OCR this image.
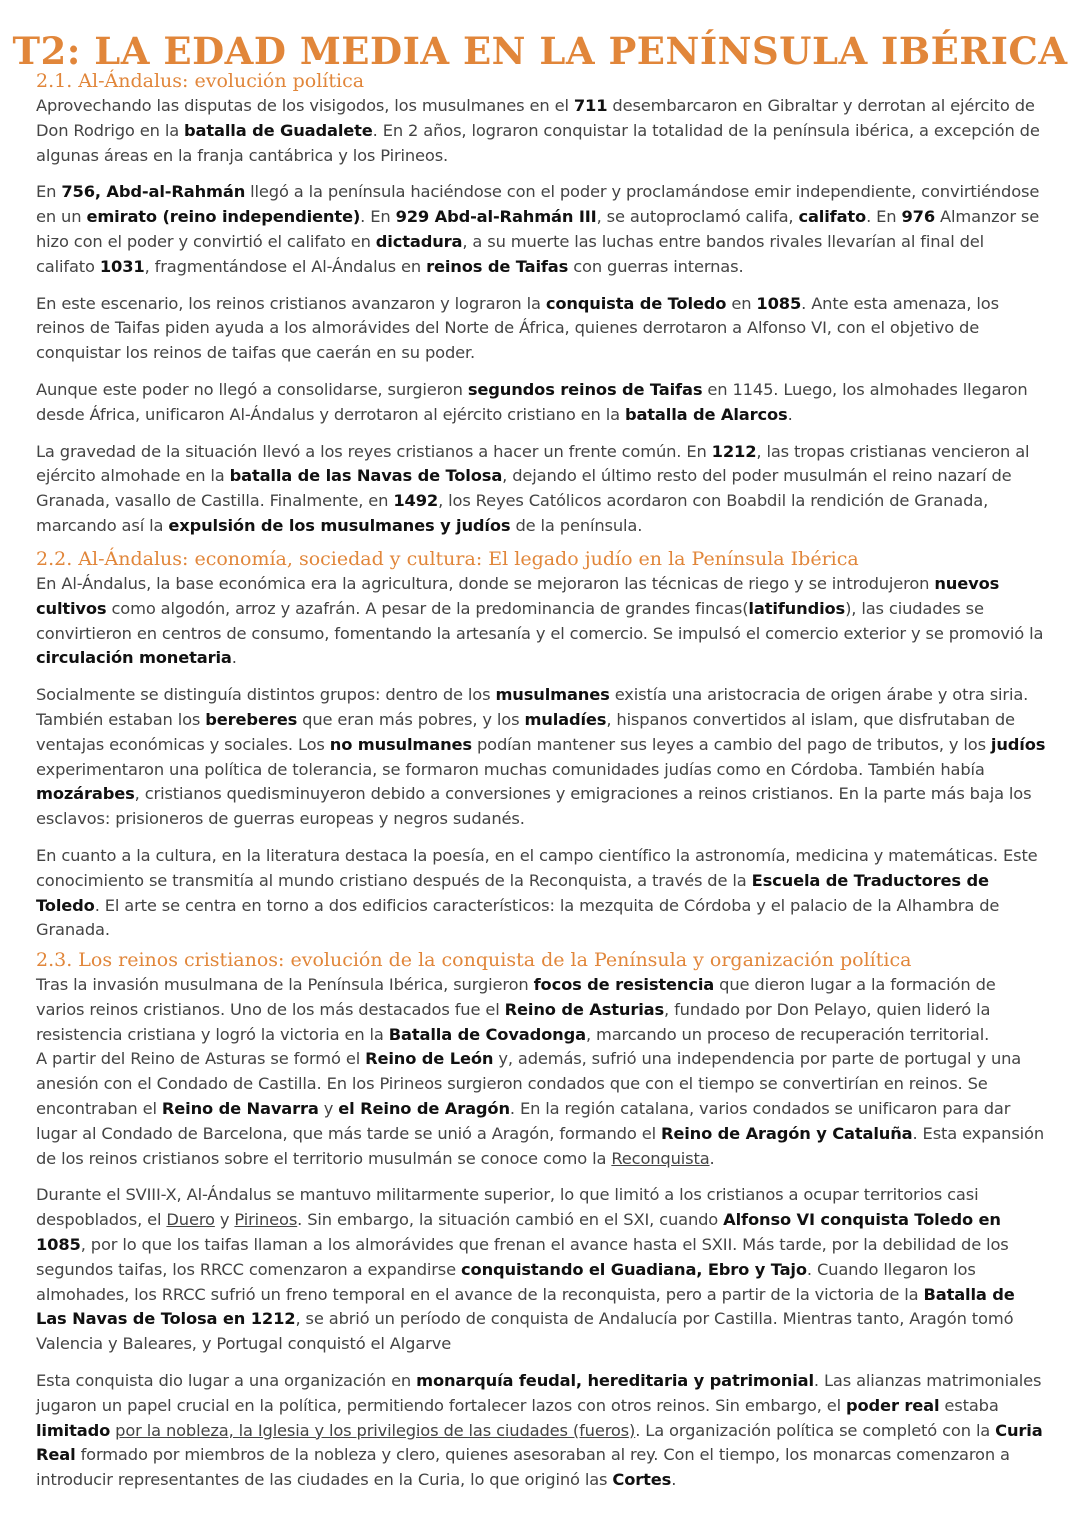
T2: LA EDAD MEDIA EN LA PENÍNSULA IBÉRICA
2.1. Al-Ándalus: evolución política

Aprovechando las disputas de los visigodos, los musulmanes en el 711 desembarcaron en Gibraltar y derrotan al ejército de Don Rodrigo en la batalla de Guadalete. En 2 años, lograron conquistar la totalidad de la península ibérica, a excepción de algunas áreas en la franja cantábrica y los Pirineos.

En 756, Abd-al-Rahmán llegó a la península haciéndose con el poder y proclamándose emir independiente, convirtiéndose en un emirato (reino independiente). En 929 Abd-al-Rahmán III, se autoproclamó califa, califato. En 976 Almanzor se hizo con el poder y convirtió el califato en dictadura, a su muerte las luchas entre bandos rivales llevarían al final del califato 1031, fragmentándose el Al-Ándalus en reinos de Taifas con guerras internas.

En este escenario, los reinos cristianos avanzaron y lograron la conquista de Toledo en 1085. Ante esta amenaza, los reinos de Taifas piden ayuda a los almorávides del Norte de África, quienes derrotaron a Alfonso VI, con el objetivo de conquistar los reinos de taifas que caerán en su poder.

Aunque este poder no llegó a consolidarse, surgieron segundos reinos de Taifas en 1145. Luego, los almohades llegaron desde África, unificaron Al-Ándalus y derrotaron al ejército cristiano en la batalla de Alarcos.

La gravedad de la situación llevó a los reyes cristianos a hacer un frente común. En 1212, las tropas cristianas vencieron al ejército almohade en la batalla de las Navas de Tolosa, dejando el último resto del poder musulmán el reino nazarí de Granada, vasallo de Castilla. Finalmente, en 1492, los Reyes Católicos acordaron con Boabdil la rendición de Granada, marcando así la expulsión de los musulmanes y judíos de la península.

2.2. Al-Ándalus: economía, sociedad y cultura: El legado judío en la Península Ibérica

En Al-Ándalus, la base económica era la agricultura, donde se mejoraron las técnicas de riego y se introdujeron nuevos cultivos como algodón, arroz y azafrán. A pesar de la predominancia de grandes fincas(latifundios), las ciudades se convirtieron en centros de consumo, fomentando la artesanía y el comercio. Se impulsó el comercio exterior y se promovió la circulación monetaria.

Socialmente se distinguía distintos grupos: dentro de los musulmanes existía una aristocracia de origen árabe y otra siria. También estaban los bereberes que eran más pobres, y los muladíes, hispanos convertidos al islam, que disfrutaban de ventajas económicas y sociales. Los no musulmanes podían mantener sus leyes a cambio del pago de tributos, y los judíos experimentaron una política de tolerancia, se formaron muchas comunidades judías como en Córdoba. También había mozárabes, cristianos quedisminuyeron debido a conversiones y emigraciones a reinos cristianos. En la parte más baja los esclavos: prisioneros de guerras europeas y negros sudanés.

En cuanto a la cultura, en la literatura destaca la poesía, en el campo científico la astronomía, medicina y matemáticas. Este conocimiento se transmitía al mundo cristiano después de la Reconquista, a través de la Escuela de Traductores de Toledo. El arte se centra en torno a dos edificios característicos: la mezquita de Córdoba y el palacio de la Alhambra de Granada.

2.3. Los reinos cristianos: evolución de la conquista de la Península y organización política

Tras la invasión musulmana de la Península Ibérica, surgieron focos de resistencia que dieron lugar a la formación de varios reinos cristianos. Uno de los más destacados fue el Reino de Asturias, fundado por Don Pelayo, quien lideró la resistencia cristiana y logró la victoria en la Batalla de Covadonga, marcando un proceso de recuperación territorial.

A partir del Reino de Asturas se formó el Reino de León y, además, sufrió una independencia por parte de portugal y una anesión con el Condado de Castilla. En los Pirineos surgieron condados que con el tiempo se convertirían en reinos. Se encontraban el Reino de Navarra y el Reino de Aragón. En la región catalana, varios condados se unificaron para dar lugar al Condado de Barcelona, que más tarde se unió a Aragón, formando el Reino de Aragón y Cataluña. Esta expansión de los reinos cristianos sobre el territorio musulmán se conoce como la Reconquista.

Durante el SVIII-X, Al-Ándalus se mantuvo militarmente superior, lo que limitó a los cristianos a ocupar territorios casi despoblados, el Duero y Pirineos. Sin embargo, la situación cambió en el SXI, cuando Alfonso VI conquista Toledo en 1085, por lo que los taifas llaman a los almorávides que frenan el avance hasta el SXII. Más tarde, por la debilidad de los segundos taifas, los RRCC comenzaron a expandirse conquistando el Guadiana, Ebro y Tajo. Cuando llegaron los almohades, los RRCC sufrió un freno temporal en el avance de la reconquista, pero a partir de la victoria de la Batalla de Las Navas de Tolosa en 1212, se abrió un período de conquista de Andalucía por Castilla. Mientras tanto, Aragón tomó Valencia y Baleares, y Portugal conquistó el Algarve

Esta conquista dio lugar a una organización en monarquía feudal, hereditaria y patrimonial. Las alianzas matrimoniales jugaron un papel crucial en la política, permitiendo fortalecer lazos con otros reinos. Sin embargo, el poder real estaba limitado por la nobleza, la Iglesia y los privilegios de las ciudades (fueros). La organización política se completó con la Curia Real formado por miembros de la nobleza y clero, quienes asesoraban al rey. Con el tiempo, los monarcas comenzaron a introducir representantes de las ciudades en la Curia, lo que originó las Cortes.
